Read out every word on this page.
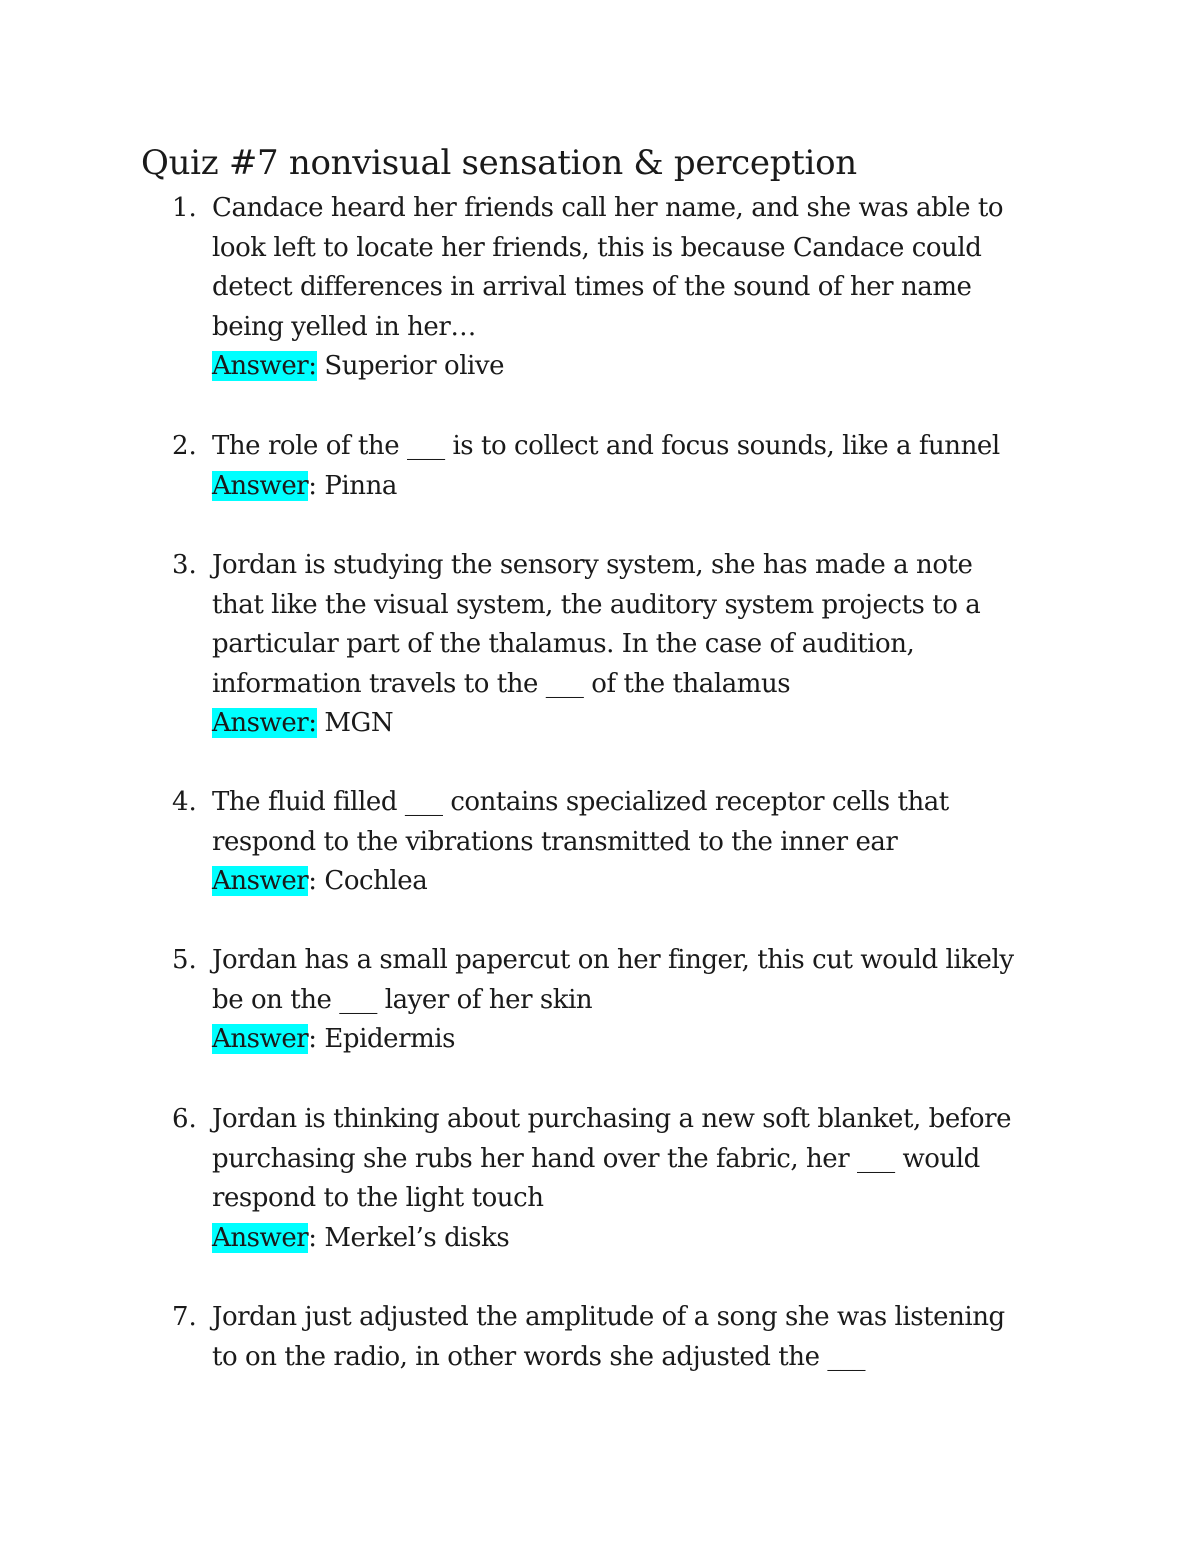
Quiz #7 nonvisual sensation & perception
1. Candace heard her friends call her name, and she was able to
look left to locate her friends, this is because Candace could
detect differences in arrival times of the sound of her name
being yelled in her…
Answer: Superior olive
2. The role of the ___ is to collect and focus sounds, like a funnel
Answer: Pinna
3. Jordan is studying the sensory system, she has made a note
that like the visual system, the auditory system projects to a
particular part of the thalamus. In the case of audition,
information travels to the ___ of the thalamus
Answer: MGN
4. The fluid filled ___ contains specialized receptor cells that
respond to the vibrations transmitted to the inner ear
Answer: Cochlea
5. Jordan has a small papercut on her finger, this cut would likely
be on the ___ layer of her skin
Answer: Epidermis
6. Jordan is thinking about purchasing a new soft blanket, before
purchasing she rubs her hand over the fabric, her ___ would
respond to the light touch
Answer: Merkel’s disks
7. Jordan just adjusted the amplitude of a song she was listening
to on the radio, in other words she adjusted the ___
